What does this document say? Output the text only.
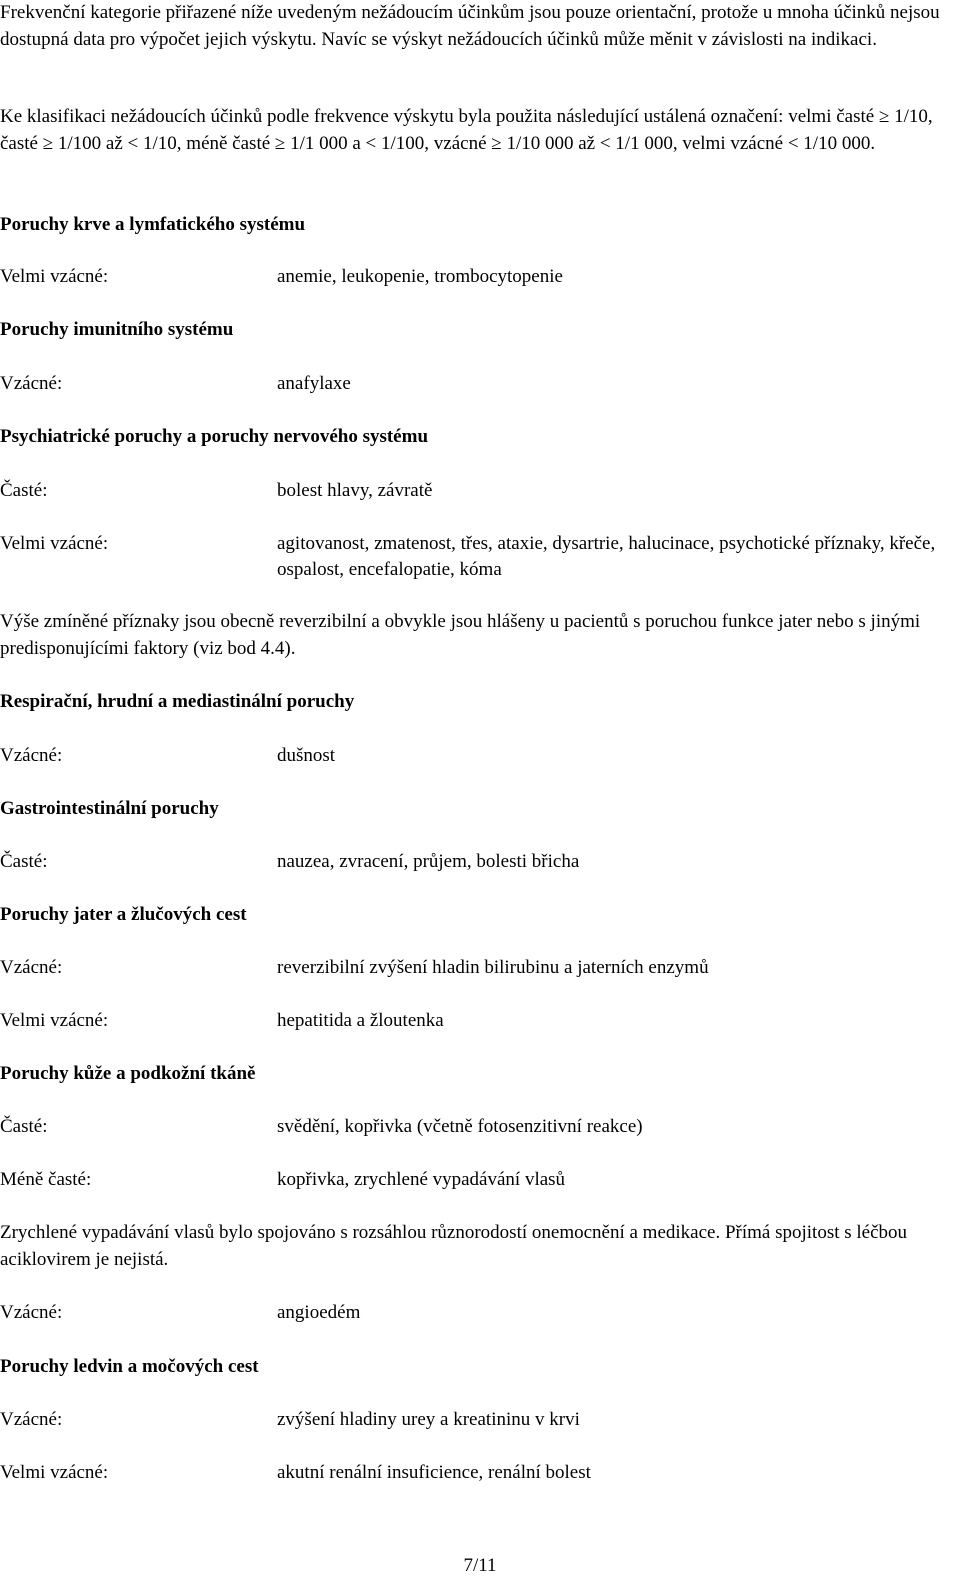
Frekvenční kategorie přiřazené níže uvedeným nežádoucím účinkům jsou pouze orientační, protože u mnoha účinků nejsou dostupná data pro výpočet jejich výskytu. Navíc se výskyt nežádoucích účinků může měnit v závislosti na indikaci.
Ke klasifikaci nežádoucích účinků podle frekvence výskytu byla použita následující ustálená označení: velmi časté ≥ 1/10, časté ≥ 1/100 až < 1/10, méně časté ≥ 1/1 000 a < 1/100, vzácné ≥ 1/10 000 až < 1/1 000, velmi vzácné < 1/10 000.
Poruchy krve a lymfatického systému
Velmi vzácné:	anemie, leukopenie, trombocytopenie
Poruchy imunitního systému
Vzácné:	anafylaxe
Psychiatrické poruchy a poruchy nervového systému
Časté:	bolest hlavy, závratě
Velmi vzácné:	agitovanost, zmatenost, třes, ataxie, dysartrie, halucinace, psychotické příznaky, křeče, ospalost, encefalopatie, kóma
Výše zmíněné příznaky jsou obecně reverzibilní a obvykle jsou hlášeny u pacientů s poruchou funkce jater nebo s jinými predisponujícími faktory (viz bod 4.4).
Respirační, hrudní a mediastinální poruchy
Vzácné:	dušnost
Gastrointestinální poruchy
Časté:	nauzea, zvracení, průjem, bolesti břicha
Poruchy jater a žlučových cest
Vzácné:	reverzibilní zvýšení hladin bilirubinu a jaterních enzymů
Velmi vzácné:	hepatitida a žloutenka
Poruchy kůže a podkožní tkáně
Časté:	svědění, kopřivka (včetně fotosenzitivní reakce)
Méně časté:	kopřivka, zrychlené vypadávání vlasů
Zrychlené vypadávání vlasů bylo spojováno s rozsáhlou různorodostí onemocnění a medikace. Přímá spojitost s léčbou aciklovirem je nejistá.
Vzácné:	angioedém
Poruchy ledvin a močových cest
Vzácné:	zvýšení hladiny urey a kreatininu v krvi
Velmi vzácné:	akutní renální insuficience, renální bolest
7/11
